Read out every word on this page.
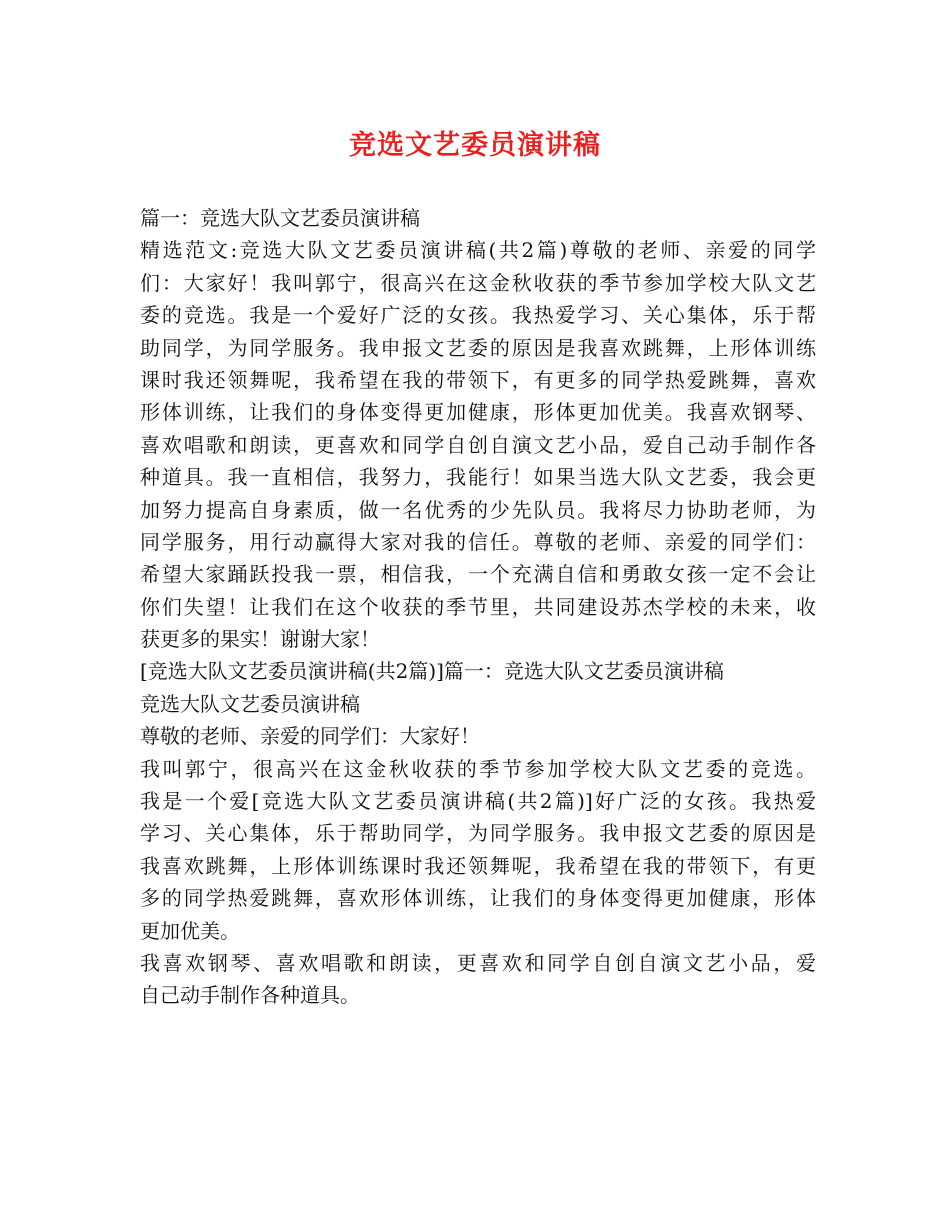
竞选文艺委员演讲稿
篇一：竞选大队文艺委员演讲稿
精选范文:竞选大队文艺委员演讲稿(共2篇)尊敬的老师、亲爱的同学
们：大家好！我叫郭宁，很高兴在这金秋收获的季节参加学校大队文艺
委的竞选。我是一个爱好广泛的女孩。我热爱学习、关心集体，乐于帮
助同学，为同学服务。我申报文艺委的原因是我喜欢跳舞，上形体训练
课时我还领舞呢，我希望在我的带领下，有更多的同学热爱跳舞，喜欢
形体训练，让我们的身体变得更加健康，形体更加优美。我喜欢钢琴、
喜欢唱歌和朗读，更喜欢和同学自创自演文艺小品，爱自己动手制作各
种道具。我一直相信，我努力，我能行！如果当选大队文艺委，我会更
加努力提高自身素质，做一名优秀的少先队员。我将尽力协助老师，为
同学服务，用行动赢得大家对我的信任。尊敬的老师、亲爱的同学们：
希望大家踊跃投我一票，相信我，一个充满自信和勇敢女孩一定不会让
你们失望！让我们在这个收获的季节里，共同建设苏杰学校的未来，收
获更多的果实！谢谢大家！
[竞选大队文艺委员演讲稿(共2篇)]篇一：竞选大队文艺委员演讲稿
竞选大队文艺委员演讲稿
尊敬的老师、亲爱的同学们：大家好！
我叫郭宁，很高兴在这金秋收获的季节参加学校大队文艺委的竞选。
我是一个爱[竞选大队文艺委员演讲稿(共2篇)]好广泛的女孩。我热爱
学习、关心集体，乐于帮助同学，为同学服务。我申报文艺委的原因是
我喜欢跳舞，上形体训练课时我还领舞呢，我希望在我的带领下，有更
多的同学热爱跳舞，喜欢形体训练，让我们的身体变得更加健康，形体
更加优美。
我喜欢钢琴、喜欢唱歌和朗读，更喜欢和同学自创自演文艺小品，爱
自己动手制作各种道具。
